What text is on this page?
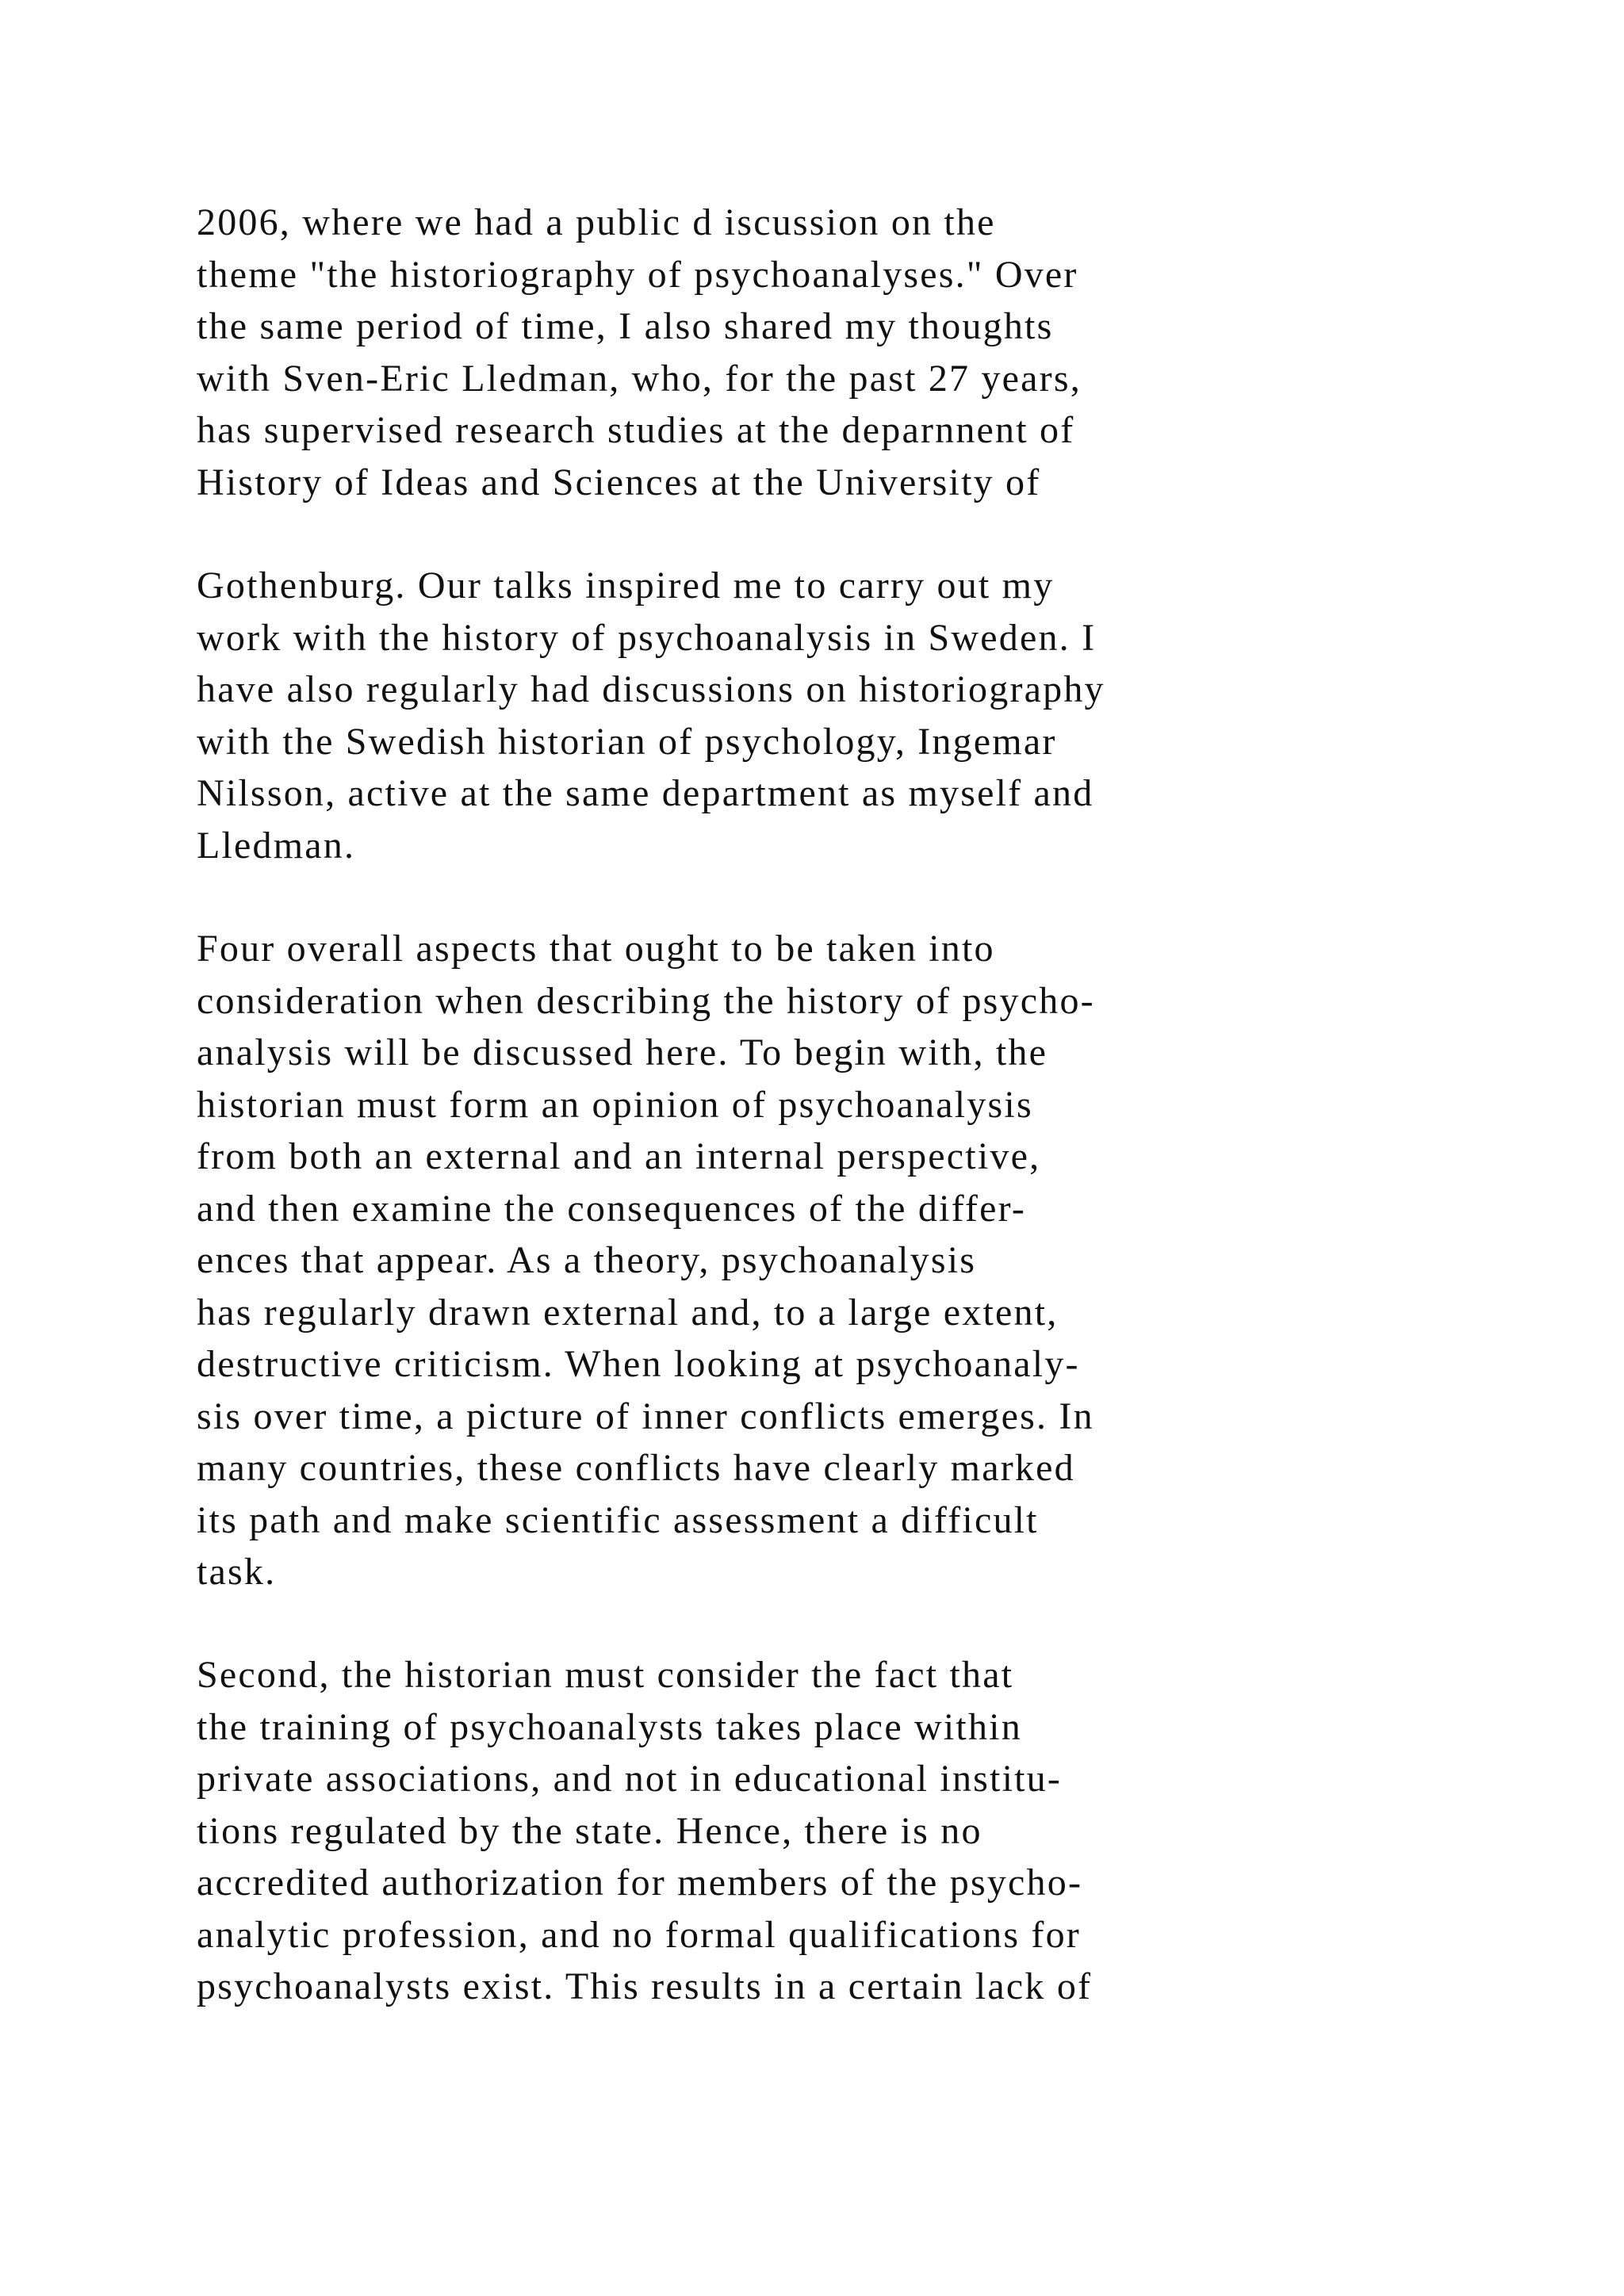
2006, where we had a public d iscussion on the
theme "the historiography of psychoanalyses." Over
the same period of time, I also shared my thoughts
with Sven-Eric Lledman, who, for the past 27 years,
has supervised research studies at the deparnnent of
History of Ideas and Sciences at the University of

Gothenburg. Our talks inspired me to carry out my
work with the history of psychoanalysis in Sweden. I
have also regularly had discussions on historiography
with the Swedish historian of psychology, Ingemar
Nilsson, active at the same department as myself and
Lledman.

Four overall aspects that ought to be taken into
consideration when describing the history of psycho-
analysis will be discussed here. To begin with, the
historian must form an opinion of psychoanalysis
from both an external and an internal perspective,
and then examine the consequences of the differ-
ences that appear. As a theory, psychoanalysis
has regularly drawn external and, to a large extent,
destructive criticism. When looking at psychoanaly-
sis over time, a picture of inner conflicts emerges. In
many countries, these conflicts have clearly marked
its path and make scientific assessment a difficult
task.

Second, the historian must consider the fact that
the training of psychoanalysts takes place within
private associations, and not in educational institu-
tions regulated by the state. Hence, there is no
accredited authorization for members of the psycho-
analytic profession, and no formal qualifications for
psychoanalysts exist. This results in a certain lack of
